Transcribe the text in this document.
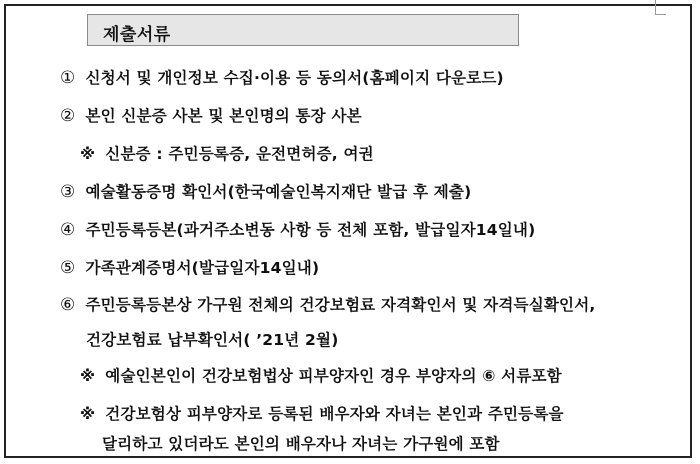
제출서류
① 신청서 및 개인정보 수집·이용 등 동의서(홈페이지 다운로드)
② 본인 신분증 사본 및 본인명의 통장 사본
※ 신분증 : 주민등록증, 운전면허증, 여권
③ 예술활동증명 확인서(한국예술인복지재단 발급 후 제출)
④ 주민등록등본(과거주소변동 사항 등 전체 포함, 발급일자14일내)
⑤ 가족관계증명서(발급일자14일내)
⑥ 주민등록등본상 가구원 전체의 건강보험료 자격확인서 및 자격득실확인서,
건강보험료 납부확인서( ’21년 2월)
※ 예술인본인이 건강보험법상 피부양자인 경우 부양자의 ⑥ 서류포함
※ 건강보험상 피부양자로 등록된 배우자와 자녀는 본인과 주민등록을
달리하고 있더라도 본인의 배우자나 자녀는 가구원에 포함
